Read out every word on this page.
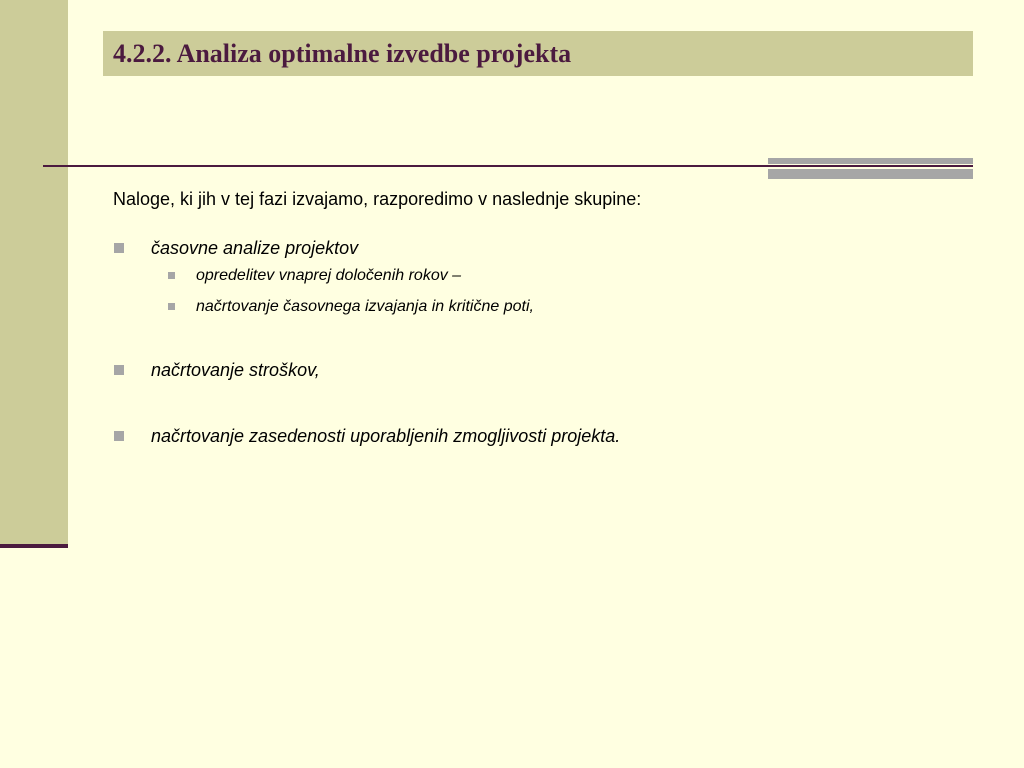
4.2.2. Analiza optimalne izvedbe projekta

Naloge, ki jih v tej fazi izvajamo, razporedimo v naslednje skupine:

časovne analize projektov
opredelitev vnaprej določenih rokov –
načrtovanje časovnega izvajanja in kritične poti,
načrtovanje stroškov,
načrtovanje zasedenosti uporabljenih zmogljivosti projekta.
